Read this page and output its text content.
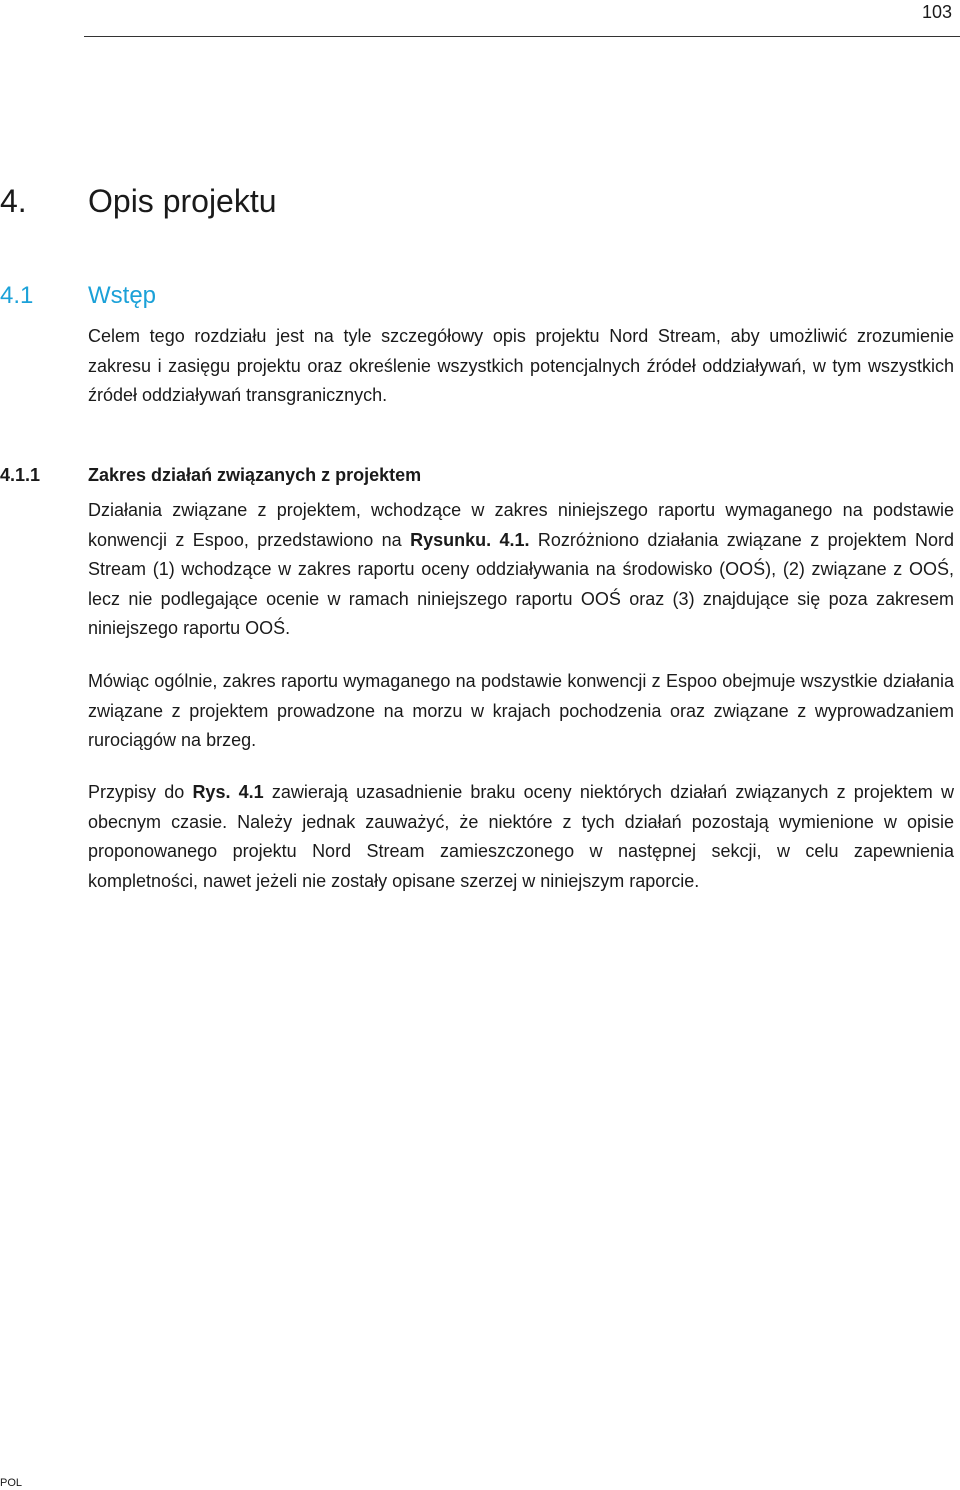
103
4. Opis projektu
4.1 Wstęp

Celem tego rozdziału jest na tyle szczegółowy opis projektu Nord Stream, aby umożliwić zrozumienie zakresu i zasięgu projektu oraz określenie wszystkich potencjalnych źródeł oddziaływań, w tym wszystkich źródeł oddziaływań transgranicznych.

4.1.1	Zakres działań związanych z projektem

Działania związane z projektem, wchodzące w zakres niniejszego raportu wymaganego na podstawie konwencji z Espoo, przedstawiono na Rysunku. 4.1. Rozróżniono działania związane z projektem Nord Stream (1) wchodzące w zakres raportu oceny oddziaływania na środowisko (OOŚ), (2) związane z OOŚ, lecz nie podlegające ocenie w ramach niniejszego raportu OOŚ oraz (3) znajdujące się poza zakresem niniejszego raportu OOŚ.

Mówiąc ogólnie, zakres raportu wymaganego na podstawie konwencji z Espoo obejmuje wszystkie działania związane z projektem prowadzone na morzu w krajach pochodzenia oraz związane z wyprowadzaniem rurociągów na brzeg.

Przypisy do Rys. 4.1 zawierają uzasadnienie braku oceny niektórych działań związanych z projektem w obecnym czasie. Należy jednak zauważyć, że niektóre z tych działań pozostają wymienione w opisie proponowanego projektu Nord Stream zamieszczonego w następnej sekcji, w celu zapewnienia kompletności, nawet jeżeli nie zostały opisane szerzej w niniejszym raporcie.

POL
